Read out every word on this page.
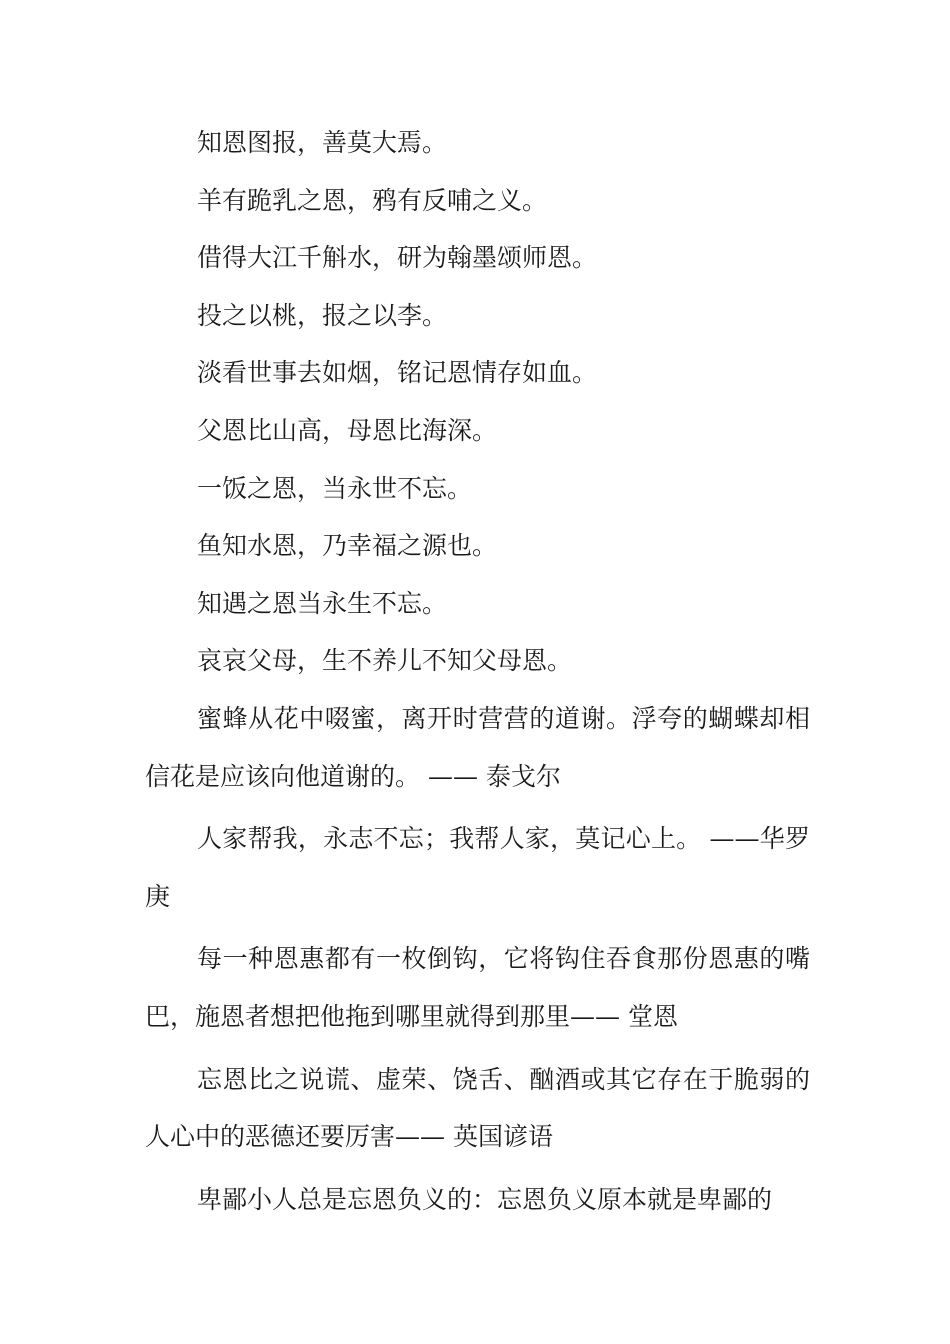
知恩图报，善莫大焉。

羊有跪乳之恩，鸦有反哺之义。

借得大江千斛水，研为翰墨颂师恩。

投之以桃，报之以李。

淡看世事去如烟，铭记恩情存如血。

父恩比山高，母恩比海深。

一饭之恩，当永世不忘。

鱼知水恩，乃幸福之源也。

知遇之恩当永生不忘。

哀哀父母，生不养儿不知父母恩。

蜜蜂从花中啜蜜，离开时营营的道谢。浮夸的蝴蝶却相信花是应该向他道谢的。 —— 泰戈尔

人家帮我，永志不忘；我帮人家，莫记心上。 ——华罗庚

每一种恩惠都有一枚倒钩，它将钩住吞食那份恩惠的嘴巴，施恩者想把他拖到哪里就得到那里—— 堂恩

忘恩比之说谎、虚荣、饶舌、酗酒或其它存在于脆弱的人心中的恶德还要厉害—— 英国谚语

卑鄙小人总是忘恩负义的：忘恩负义原本就是卑鄙的
